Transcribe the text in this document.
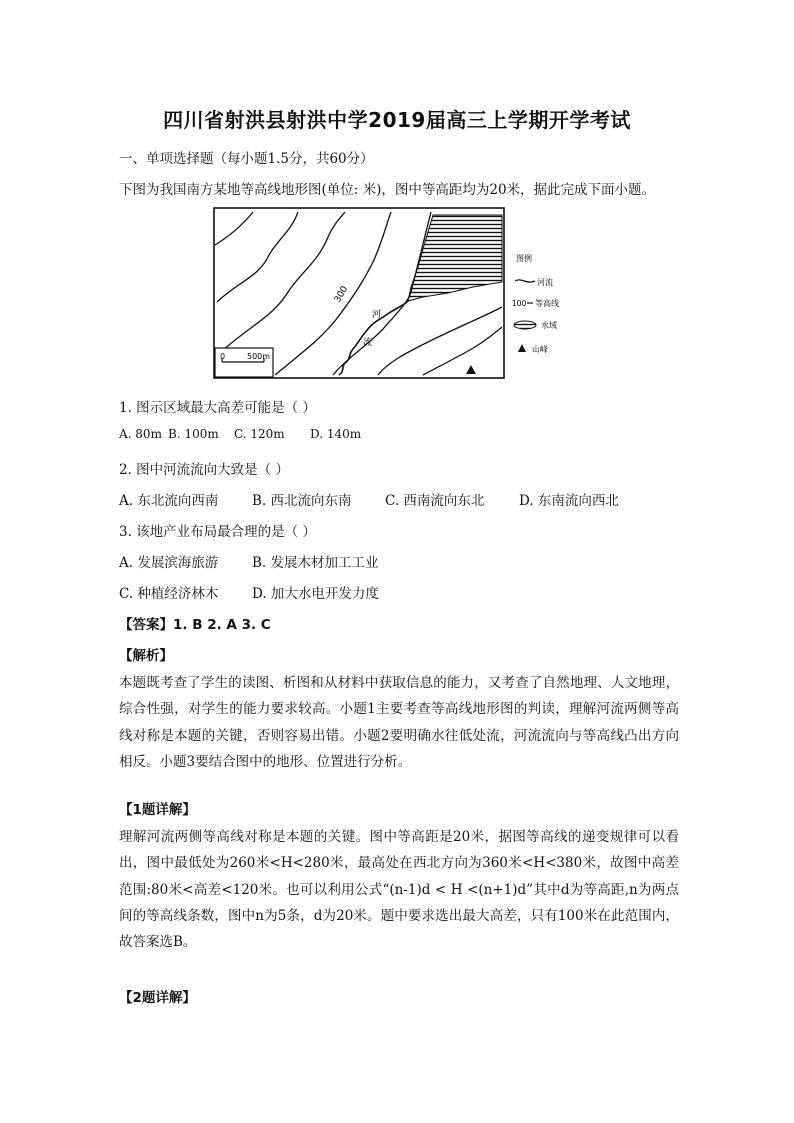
四川省射洪县射洪中学2019届高三上学期开学考试
一、单项选择题（每小题1.5分，共60分）
下图为我国南方某地等高线地形图(单位: 米)，图中等高距均为20米，据此完成下面小题。
300
河
流
0	500m
图例
河流
100 等高线
水域
山峰
1. 图示区域最大高差可能是（ ）
A. 80m B. 100m C. 120m D. 140m
2. 图中河流流向大致是（ ）
A. 东北流向西南 B. 西北流向东南 C. 西南流向东北	D. 东南流向西北
3. 该地产业布局最合理的是（ ）
A. 发展滨海旅游 B. 发展木材加工工业
C. 种植经济林木 D. 加大水电开发力度
【答案】1. B 2. A 3. C
【解析】
本题既考查了学生的读图、析图和从材料中获取信息的能力，又考查了自然地理、人文地理，综合性强，对学生的能力要求较高。小题1主要考查等高线地形图的判读，理解河流两侧等高线对称是本题的关键，否则容易出错。小题2要明确水往低处流，河流流向与等高线凸出方向相反。小题3要结合图中的地形、位置进行分析。
【1题详解】
理解河流两侧等高线对称是本题的关键。图中等高距是20米，据图等高线的递变规律可以看出，图中最低处为260米<H<280米，最高处在西北方向为360米<H<380米，故图中高差范围:80米<高差<120米。也可以利用公式“(n-1)d < H <(n+1)d”其中d为等高距,n为两点间的等高线条数，图中n为5条，d为20米。题中要求选出最大高差，只有100米在此范围内，故答案选B。
【2题详解】
